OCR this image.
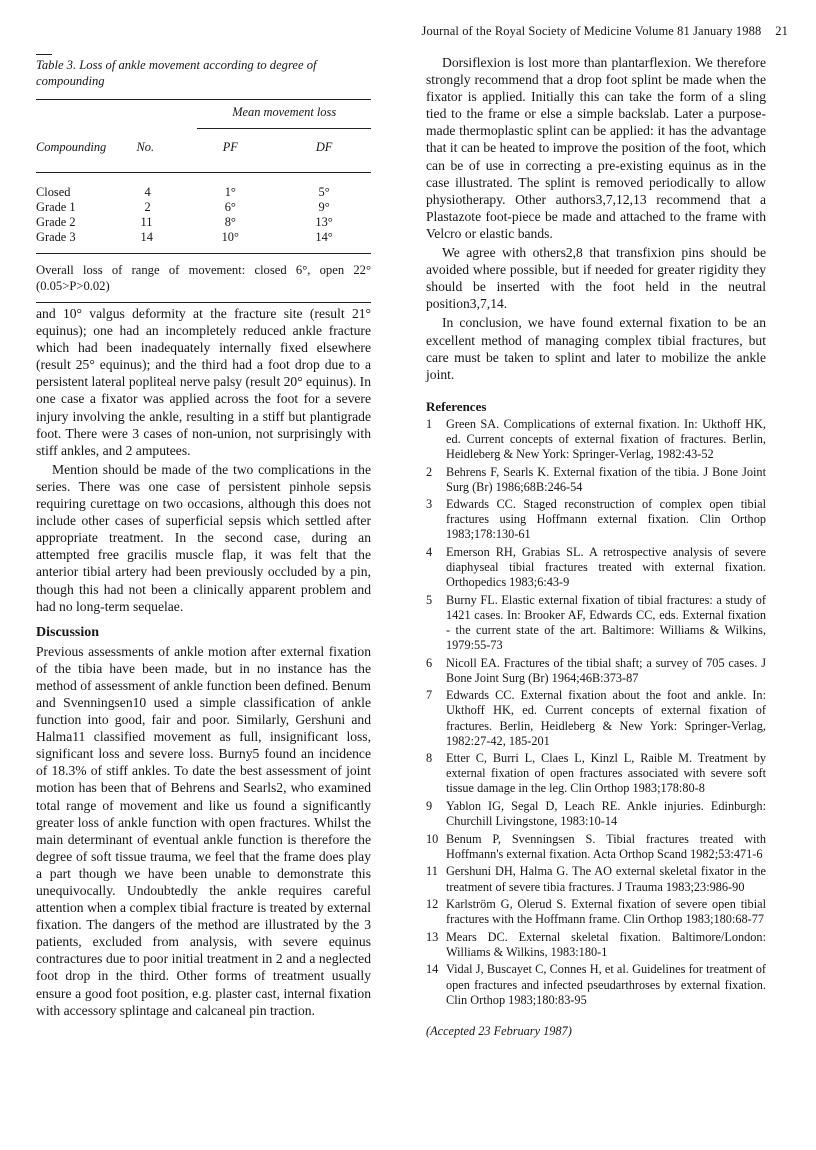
Journal of the Royal Society of Medicine Volume 81 January 1988 21
Table 3. Loss of ankle movement according to degree of compounding

		Mean movement loss	

Compounding	No.	PF	DF

Closed	4	1°	5°
Grade 1	2	6°	9°
Grade 2	11	8°	13°
Grade 3	14	10°	14°
Overall loss of range of movement: closed 6°, open 22° (0.05>P>0.02)

and 10° valgus deformity at the fracture site (result 21° equinus); one had an incompletely reduced ankle fracture which had been inadequately internally fixed elsewhere (result 25° equinus); and the third had a foot drop due to a persistent lateral popliteal nerve palsy (result 20° equinus). In one case a fixator was applied across the foot for a severe injury involving the ankle, resulting in a stiff but plantigrade foot. There were 3 cases of non-union, not surprisingly with stiff ankles, and 2 amputees.

Mention should be made of the two complications in the series. There was one case of persistent pinhole sepsis requiring curettage on two occasions, although this does not include other cases of superficial sepsis which settled after appropriate treatment. In the second case, during an attempted free gracilis muscle flap, it was felt that the anterior tibial artery had been previously occluded by a pin, though this had not been a clinically apparent problem and had no long-term sequelae.

Discussion

Previous assessments of ankle motion after external fixation of the tibia have been made, but in no instance has the method of assessment of ankle function been defined. Benum and Svenningsen10 used a simple classification of ankle function into good, fair and poor. Similarly, Gershuni and Halma11 classified movement as full, insignificant loss, significant loss and severe loss. Burny5 found an incidence of 18.3% of stiff ankles. To date the best assessment of joint motion has been that of Behrens and Searls2, who examined total range of movement and like us found a significantly greater loss of ankle function with open fractures. Whilst the main determinant of eventual ankle function is therefore the degree of soft tissue trauma, we feel that the frame does play a part though we have been unable to demonstrate this unequivocally. Undoubtedly the ankle requires careful attention when a complex tibial fracture is treated by external fixation. The dangers of the method are illustrated by the 3 patients, excluded from analysis, with severe equinus contractures due to poor initial treatment in 2 and a neglected foot drop in the third. Other forms of treatment usually ensure a good foot position, e.g. plaster cast, internal fixation with accessory splintage and calcaneal pin traction.

Dorsiflexion is lost more than plantarflexion. We therefore strongly recommend that a drop foot splint be made when the fixator is applied. Initially this can take the form of a sling tied to the frame or else a simple backslab. Later a purpose-made thermoplastic splint can be applied: it has the advantage that it can be heated to improve the position of the foot, which can be of use in correcting a pre-existing equinus as in the case illustrated. The splint is removed periodically to allow physiotherapy. Other authors3,7,12,13 recommend that a Plastazote foot-piece be made and attached to the frame with Velcro or elastic bands.

We agree with others2,8 that transfixion pins should be avoided where possible, but if needed for greater rigidity they should be inserted with the foot held in the neutral position3,7,14.

In conclusion, we have found external fixation to be an excellent method of managing complex tibial fractures, but care must be taken to splint and later to mobilize the ankle joint.

References
1 Green SA. Complications of external fixation. In: Ukthoff HK, ed. Current concepts of external fixation of fractures. Berlin, Heidleberg & New York: Springer-Verlag, 1982:43-52
2 Behrens F, Searls K. External fixation of the tibia. J Bone Joint Surg (Br) 1986;68B:246-54
3 Edwards CC. Staged reconstruction of complex open tibial fractures using Hoffmann external fixation. Clin Orthop 1983;178:130-61
4 Emerson RH, Grabias SL. A retrospective analysis of severe diaphyseal tibial fractures treated with external fixation. Orthopedics 1983;6:43-9
5 Burny FL. Elastic external fixation of tibial fractures: a study of 1421 cases. In: Brooker AF, Edwards CC, eds. External fixation - the current state of the art. Baltimore: Williams & Wilkins, 1979:55-73
6 Nicoll EA. Fractures of the tibial shaft; a survey of 705 cases. J Bone Joint Surg (Br) 1964;46B:373-87
7 Edwards CC. External fixation about the foot and ankle. In: Ukthoff HK, ed. Current concepts of external fixation of fractures. Berlin, Heidleberg & New York: Springer-Verlag, 1982:27-42, 185-201
8 Etter C, Burri L, Claes L, Kinzl L, Raible M. Treatment by external fixation of open fractures associated with severe soft tissue damage in the leg. Clin Orthop 1983;178:80-8
9 Yablon IG, Segal D, Leach RE. Ankle injuries. Edinburgh: Churchill Livingstone, 1983:10-14
10 Benum P, Svenningsen S. Tibial fractures treated with Hoffmann's external fixation. Acta Orthop Scand 1982;53:471-6
11 Gershuni DH, Halma G. The AO external skeletal fixator in the treatment of severe tibia fractures. J Trauma 1983;23:986-90
12 Karlström G, Olerud S. External fixation of severe open tibial fractures with the Hoffmann frame. Clin Orthop 1983;180:68-77
13 Mears DC. External skeletal fixation. Baltimore/London: Williams & Wilkins, 1983:180-1
14 Vidal J, Buscayet C, Connes H, et al. Guidelines for treatment of open fractures and infected pseudarthroses by external fixation. Clin Orthop 1983;180:83-95
(Accepted 23 February 1987)
